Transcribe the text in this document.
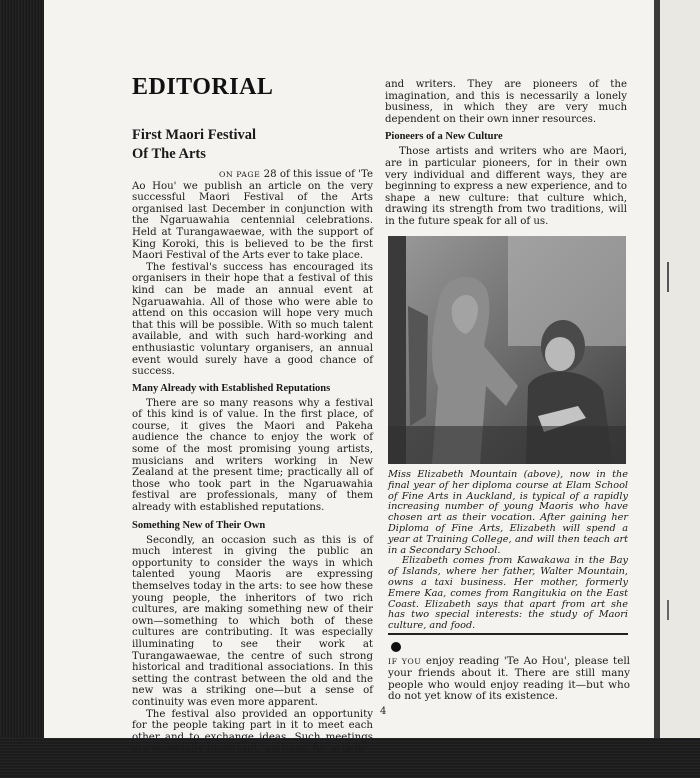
EDITORIAL
First Maori Festival
Of The Arts

ON PAGE 28 of this issue of 'Te Ao Hou' we publish an article on the very successful Maori Festival of the Arts organised last December in conjunction with the Ngaruawahia centennial celebrations. Held at Turangawaewae, with the support of King Koroki, this is believed to be the first Maori Festival of the Arts ever to take place.

The festival's success has encouraged its organisers in their hope that a festival of this kind can be made an annual event at Ngaruawahia. All of those who were able to attend on this occasion will hope very much that this will be possible. With so much talent available, and with such hard-working and enthusiastic voluntary organisers, an annual event would surely have a good chance of success.

Many Already with Established Reputations

There are so many reasons why a festival of this kind is of value. In the first place, of course, it gives the Maori and Pakeha audience the chance to enjoy the work of some of the most promising young artists, musicians and writers working in New Zealand at the present time; practically all of those who took part in the Ngaruawahia festival are professionals, many of them already with established reputations.

Something New of Their Own

Secondly, an occasion such as this is of much interest in giving the public an opportunity to consider the ways in which talented young Maoris are expressing themselves today in the arts: to see how these young people, the inheritors of two rich cultures, are making something new of their own—something to which both of these cultures are contributing. It was especially illuminating to see their work at Turangawaewae, the centre of such strong historical and traditional associations. In this setting the contrast between the old and the new was a striking one—but a sense of continuity was even more apparent.

The festival also provided an opportunity for the people taking part in it to meet each other and to exchange ideas. Such meetings are especially important, perhaps, for artists

and writers. They are pioneers of the imagination, and this is necessarily a lonely business, in which they are very much dependent on their own inner resources.

Pioneers of a New Culture

Those artists and writers who are Maori, are in particular pioneers, for in their own very individual and different ways, they are beginning to express a new experience, and to shape a new culture: that culture which, drawing its strength from two traditions, will in the future speak for all of us.

Miss Elizabeth Mountain (above), now in the final year of her diploma course at Elam School of Fine Arts in Auckland, is typical of a rapidly increasing number of young Maoris who have chosen art as their vocation. After gaining her Diploma of Fine Arts, Elizabeth will spend a year at Training College, and will then teach art in a Secondary School.

Elizabeth comes from Kawakawa in the Bay of Islands, where her father, Walter Mountain, owns a taxi business. Her mother, formerly Emere Kaa, comes from Rangitukia on the East Coast. Elizabeth says that apart from art she has two special interests: the study of Maori culture, and food.

IF YOU enjoy reading 'Te Ao Hou', please tell your friends about it. There are still many people who would enjoy reading it—but who do not yet know of its existence.

4
